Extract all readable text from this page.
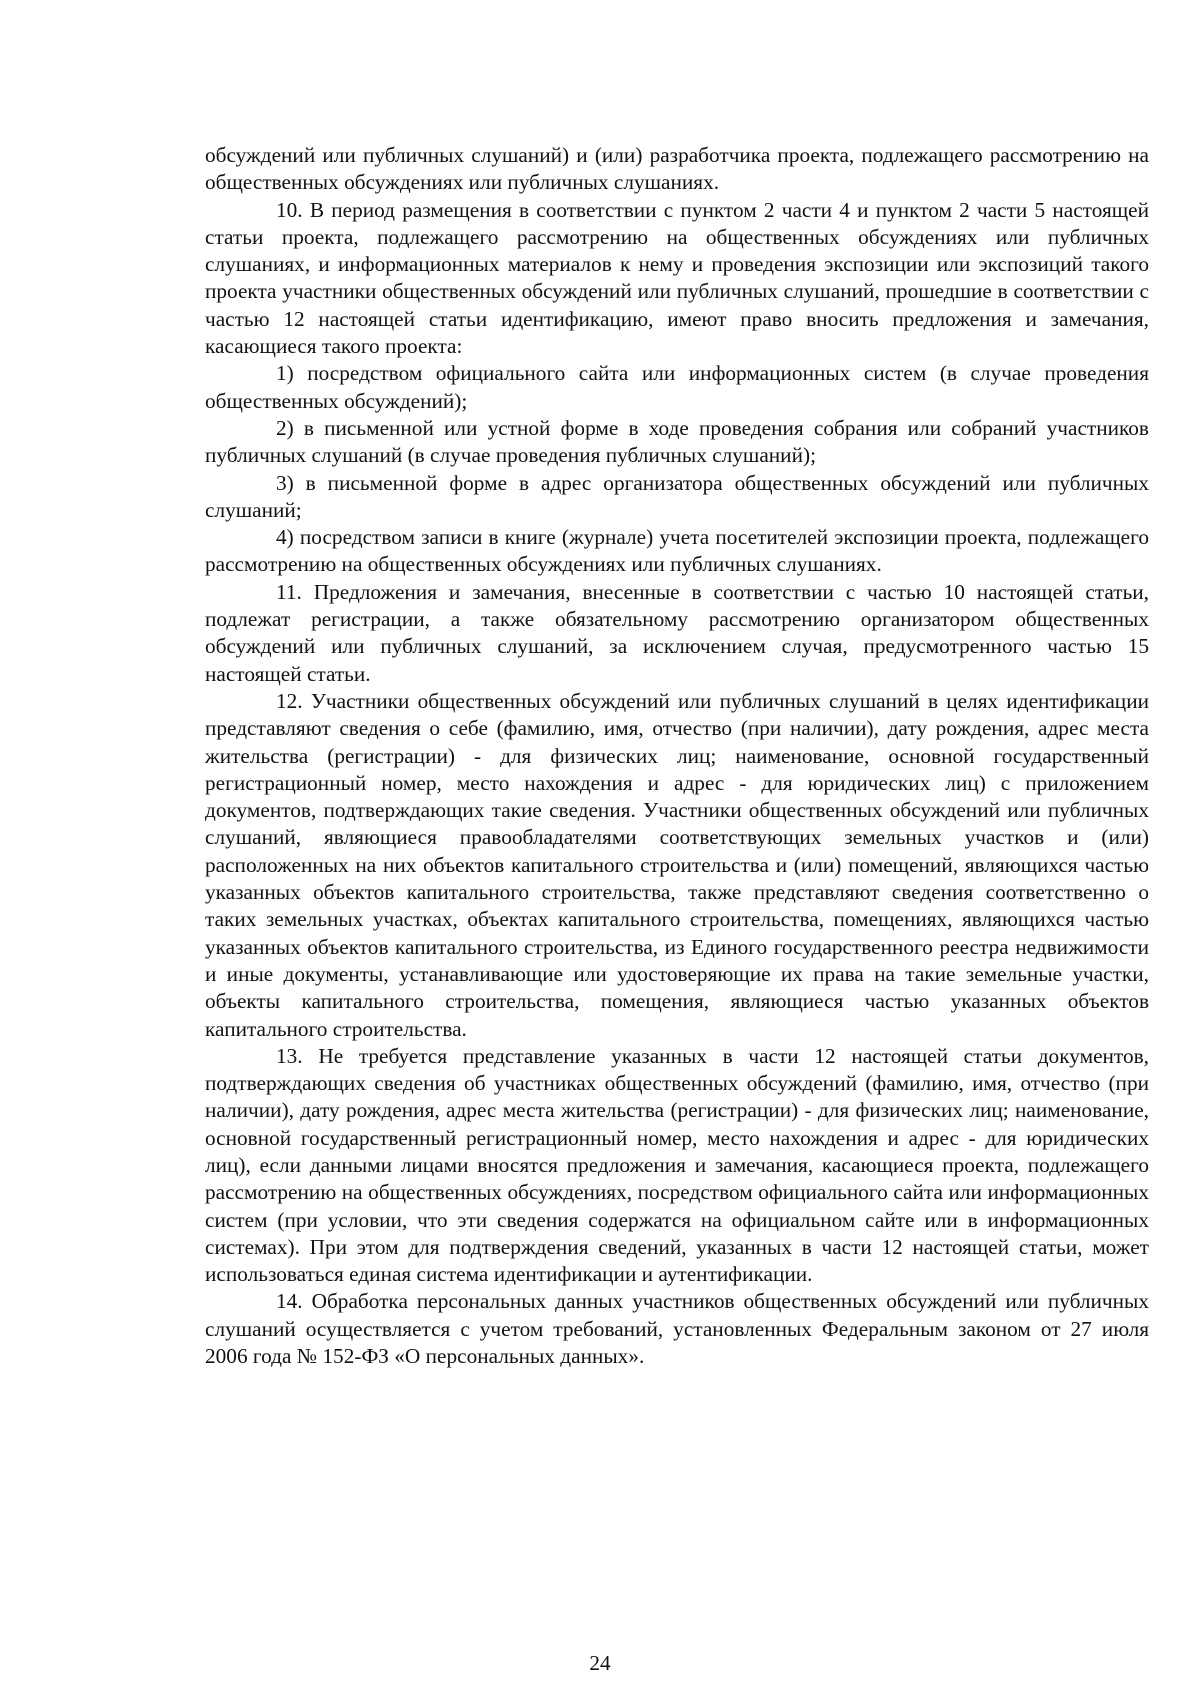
обсуждений или публичных слушаний) и (или) разработчика проекта, подлежащего рассмотрению на общественных обсуждениях или публичных слушаниях.

10. В период размещения в соответствии с пунктом 2 части 4 и пунктом 2 части 5 настоящей статьи проекта, подлежащего рассмотрению на общественных обсуждениях или публичных слушаниях, и информационных материалов к нему и проведения экспозиции или экспозиций такого проекта участники общественных обсуждений или публичных слушаний, прошедшие в соответствии с частью 12 настоящей статьи идентификацию, имеют право вносить предложения и замечания, касающиеся такого проекта:

1) посредством официального сайта или информационных систем (в случае проведения общественных обсуждений);

2) в письменной или устной форме в ходе проведения собрания или собраний участников публичных слушаний (в случае проведения публичных слушаний);

3) в письменной форме в адрес организатора общественных обсуждений или публичных слушаний;

4) посредством записи в книге (журнале) учета посетителей экспозиции проекта, подлежащего рассмотрению на общественных обсуждениях или публичных слушаниях.

11. Предложения и замечания, внесенные в соответствии с частью 10 настоящей статьи, подлежат регистрации, а также обязательному рассмотрению организатором общественных обсуждений или публичных слушаний, за исключением случая, предусмотренного частью 15 настоящей статьи.

12. Участники общественных обсуждений или публичных слушаний в целях идентификации представляют сведения о себе (фамилию, имя, отчество (при наличии), дату рождения, адрес места жительства (регистрации) - для физических лиц; наименование, основной государственный регистрационный номер, место нахождения и адрес - для юридических лиц) с приложением документов, подтверждающих такие сведения. Участники общественных обсуждений или публичных слушаний, являющиеся правообладателями соответствующих земельных участков и (или) расположенных на них объектов капитального строительства и (или) помещений, являющихся частью указанных объектов капитального строительства, также представляют сведения соответственно о таких земельных участках, объектах капитального строительства, помещениях, являющихся частью указанных объектов капитального строительства, из Единого государственного реестра недвижимости и иные документы, устанавливающие или удостоверяющие их права на такие земельные участки, объекты капитального строительства, помещения, являющиеся частью указанных объектов капитального строительства.

13. Не требуется представление указанных в части 12 настоящей статьи документов, подтверждающих сведения об участниках общественных обсуждений (фамилию, имя, отчество (при наличии), дату рождения, адрес места жительства (регистрации) - для физических лиц; наименование, основной государственный регистрационный номер, место нахождения и адрес - для юридических лиц), если данными лицами вносятся предложения и замечания, касающиеся проекта, подлежащего рассмотрению на общественных обсуждениях, посредством официального сайта или информационных систем (при условии, что эти сведения содержатся на официальном сайте или в информационных системах). При этом для подтверждения сведений, указанных в части 12 настоящей статьи, может использоваться единая система идентификации и аутентификации.

14. Обработка персональных данных участников общественных обсуждений или публичных слушаний осуществляется с учетом требований, установленных Федеральным законом от 27 июля 2006 года № 152-ФЗ «О персональных данных».

24
